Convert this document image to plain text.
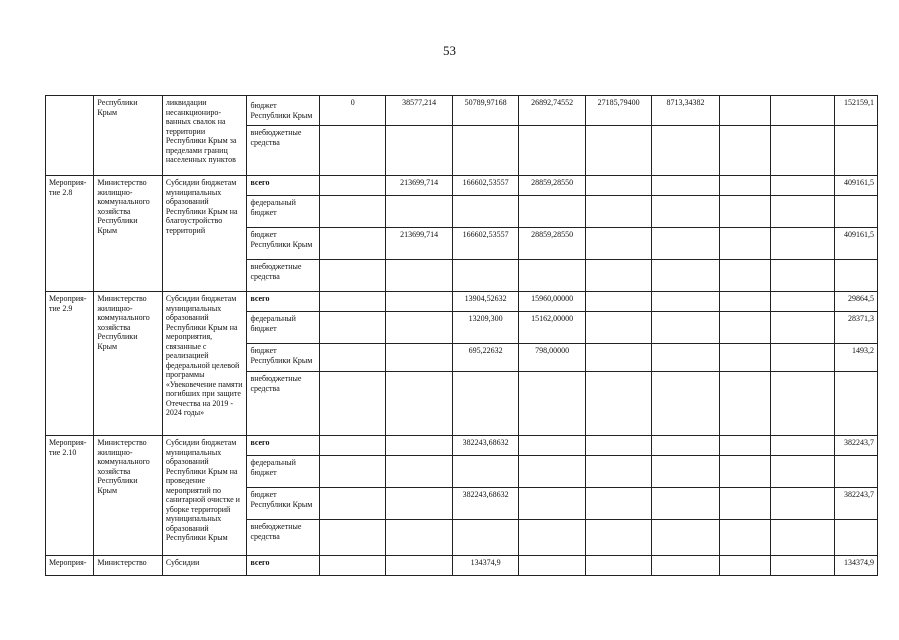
53
	Республики Крым	ликвидации несанкциониро-ванных свалок на территории Республики Крым за пределами границ населенных пунктов	бюджет Республики Крым	0	38577,214	50789,97168	26892,74552	27185,79400	8713,34382			152159,1
			внебюджетные средства									
Мероприя-тие 2.8	Министерство жилищно-коммунального хозяйства Республики Крым	Субсидии бюджетам муниципальных образований Республики Крым на благоустройство территорий	всего		213699,714	166602,53557	28859,28550					409161,5
			федеральный бюджет									
			бюджет Республики Крым		213699,714	166602,53557	28859,28550					409161,5
			внебюджетные средства									
Мероприя-тие 2.9	Министерство жилищно-коммунального хозяйства Республики Крым	Субсидии бюджетам муниципальных образований Республики Крым на мероприятия, связанные с реализацией федеральной целевой программы «Увековечение памяти погибших при защите Отечества на 2019 - 2024 годы»	всего			13904,52632	15960,00000					29864,5
			федеральный бюджет			13209,300	15162,00000					28371,3
			бюджет Республики Крым			695,22632	798,00000					1493,2
			внебюджетные средства									
Мероприя-тие 2.10	Министерство жилищно-коммунального хозяйства Республики Крым	Субсидии бюджетам муниципальных образований Республики Крым на проведение мероприятий по санитарной очистке и уборке территорий муниципальных образований Республики Крым	всего			382243,68632						382243,7
			федеральный бюджет									
			бюджет Республики Крым			382243,68632						382243,7
			внебюджетные средства									
Мероприя-	Министерство	Субсидии	всего			134374,9						134374,9
